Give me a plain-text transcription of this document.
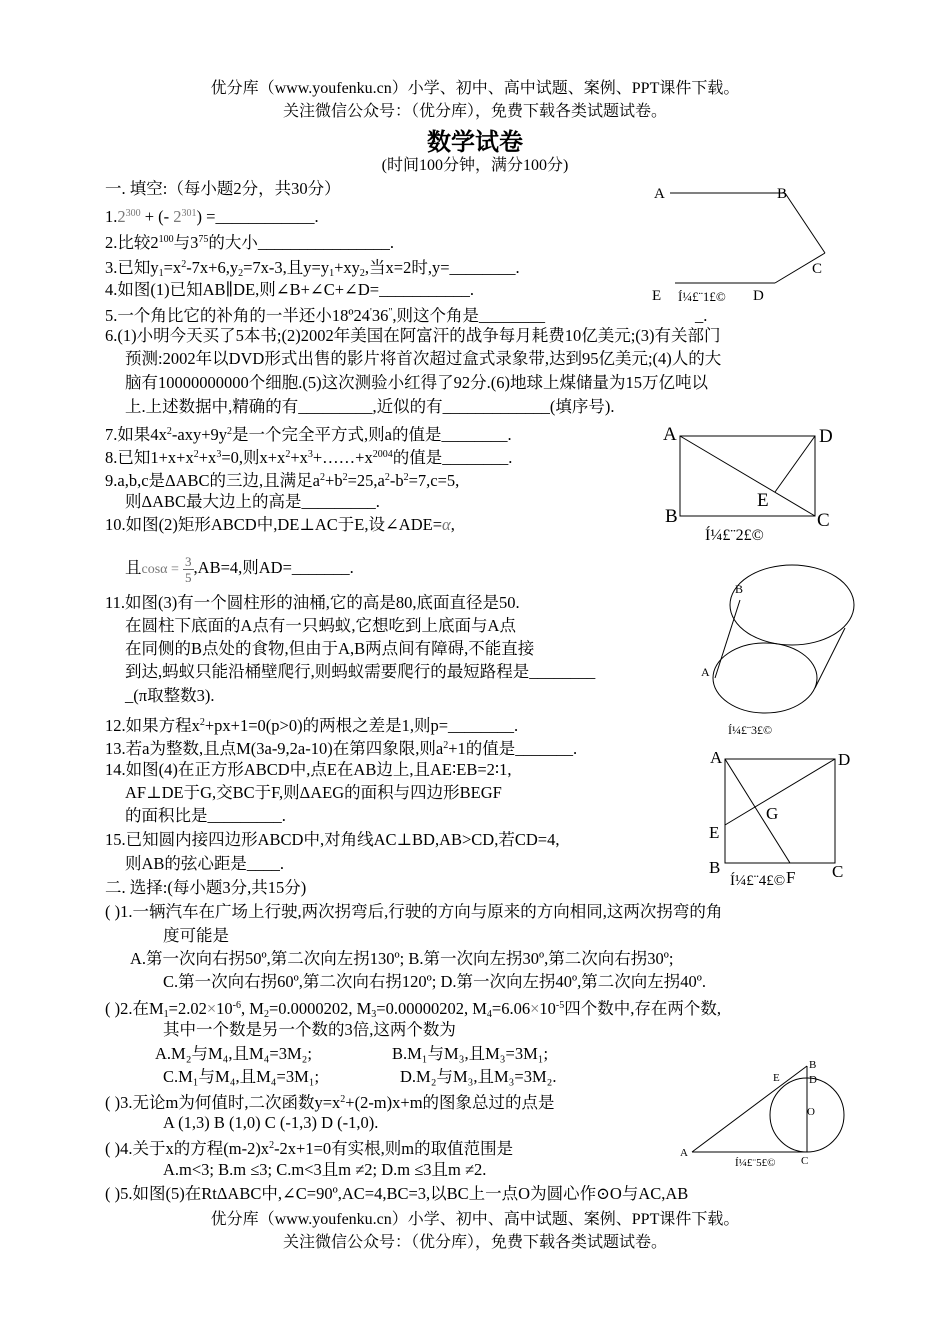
优分库（www.youfenku.cn）小学、初中、高中试题、案例、PPT课件下载。
关注微信公众号：（优分库），免费下载各类试题试卷。
数学试卷
(时间100分钟，满分100分)
一. 填空:（每小题2分，共30分）
$1.2^{300}$ + (- $2^{301}$) =____________.
2.比较$2^{100}$与$3^{75}$的大小________________.
3.已知$y_1=x^2-7x+6,y_2=7x-3$,且$y=y_1+xy_2$,当x=2时,y=________.
4.如图(1)已知AB∥DE,则∠B+∠C+∠D=___________.
5.一个角比它的补角的一半还小18º24'36",则这个角是________	_.
6.(1)小明今天买了5本书;(2)2002年美国在阿富汗的战争每月耗费10亿美元;(3)有关部门
预测:2002年以DVD形式出售的影片将首次超过盒式录象带,达到95亿美元;(4)人的大
脑有10000000000个细胞.(5)这次测验小红得了92分.(6)地球上煤储量为15万亿吨以
上.上述数据中,精确的有_________,近似的有_____________(填序号).
7.如果$4x^2-axy+9y^2$是一个完全平方式,则a的值是________.
8.已知$1+x+x^2+x^3=0$,则$x+x^2+x^3+\dots\dots+x^{2004}$的值是________.
9.a,b,c是ΔABC的三边,且满足$a^2+b^2=25,a^2-b^2=7,c=5$,
则ΔABC最大边上的高是_________.
10.如图(2)矩形ABCD中,DE⊥AC于E,设∠ADE=α,
且$\cos\alpha = \frac{3}{5} ,AB=4$,则AD=_______.
11.如图(3)有一个圆柱形的油桶,它的高是80,底面直径是50.
在圆柱下底面的A点有一只蚂蚁,它想吃到上底面与A点
在同侧的B点处的食物,但由于A,B两点间有障碍,不能直接
到达,蚂蚁只能沿桶壁爬行,则蚂蚁需要爬行的最短路程是________
_(π取整数3).
12.如果方程$x^2+px+1=0(p>0)$的两根之差是1,则p=________.
13.若a为整数,且点M(3a-9,2a-10)在第四象限,则$a^2+1$的值是_______.
14.如图(4)在正方形ABCD中,点E在AB边上,且AE∶EB=2∶1,
AF⊥DE于G,交BC于F,则ΔAEG的面积与四边形BEGF
的面积比是_________.
15.已知圆内接四边形ABCD中,对角线AC⊥BD,AB>CD,若CD=4,
则AB的弦心距是____.
二. 选择:(每小题3分,共15分)
( )1.一辆汽车在广场上行驶,两次拐弯后,行驶的方向与原来的方向相同,这两次拐弯的角
度可能是
A.第一次向右拐50º,第二次向左拐130º; B.第一次向左拐30º,第二次向右拐30º;
C.第一次向右拐60º,第二次向右拐120º; D.第一次向左拐40º,第二次向左拐40º.
( )2.在$M_1=2.02\times 10^{-6}$, $M_2=0.0000202$, $M_3=0.00000202$, $M_4=6.06\times 10^{-5}$四个数中,存在两个数,
其中一个数是另一个数的3倍,这两个数为
A.M₂与M₄,且M₄=3M₂;	B.M₁与M₃,且M₃=3M₁;
C.M₁与M₄,且M₄=3M₁;	D.M₂与M₃,且M₃=3M₂.
( )3.无论m为何值时,二次函数$y=x^2+(2-m)x+m$的图象总过的点是
A (1,3) B (1,0) C (-1,3) D (-1,0).
( )4.关于x的方程$(m-2)x^2-2x+1=0$有实根,则m的取值范围是
A.m<3; B.m ≤3; C.m<3且m ≠2; D.m ≤3且m ≠2.
( )5.如图(5)在RtΔABC中,∠C=90º,AC=4,BC=3,以BC上一点O为圆心作⊙O与AC,AB
优分库（www.youfenku.cn）小学、初中、高中试题、案例、PPT课件下载。
关注微信公众号：（优分库），免费下载各类试题试卷。
A	B
C
E	D
Í¼£¨1£©
A	D
E
B	C
Í¼£¨2£©
B
A
Í¼£¨3£©
A	D
G
E
B
F C
Í¼£¨4£©
A
B
D
E
O
C
Í¼£¨5£©
